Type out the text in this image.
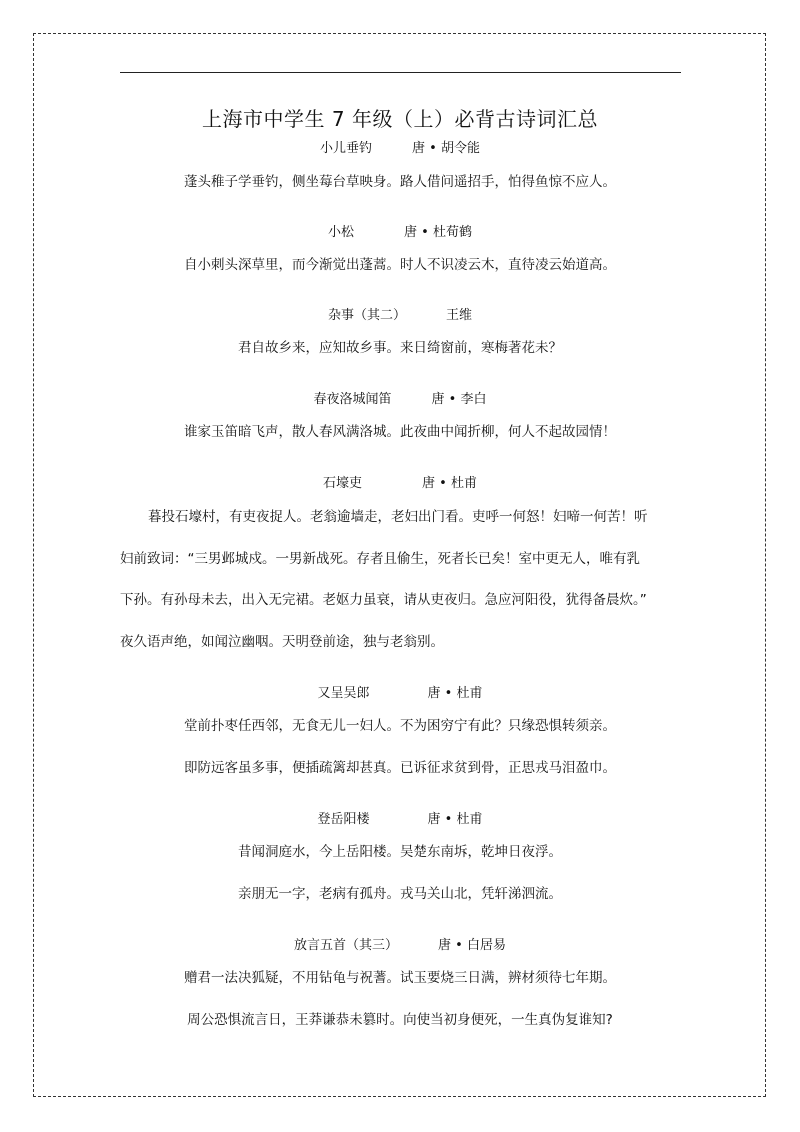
上海市中学生 7 年级（上）必背古诗词汇总
小儿垂钓	唐 • 胡令能
蓬头稚子学垂钓，侧坐莓台草映身。路人借问遥招手，怕得鱼惊不应人。
小松	唐 • 杜荀鹤
自小刺头深草里，而今渐觉出蓬蒿。时人不识凌云木，直待凌云始道高。
杂事（其二）	王维
君自故乡来，应知故乡事。来日绮窗前，寒梅著花未？
春夜洛城闻笛	唐 • 李白
谁家玉笛暗飞声，散人春风满洛城。此夜曲中闻折柳，何人不起故园情！
石壕吏	唐 • 杜甫
暮投石壕村，有吏夜捉人。老翁逾墙走，老妇出门看。吏呼一何怒！妇啼一何苦！听
妇前致词：“三男邺城戍。一男新战死。存者且偷生，死者长已矣！室中更无人，唯有乳
下孙。有孙母未去，出入无完裙。老妪力虽衰，请从吏夜归。急应河阳役，犹得备晨炊。”
夜久语声绝，如闻泣幽咽。天明登前途，独与老翁别。
又呈吴郎	唐 • 杜甫
堂前扑枣任西邻，无食无儿一妇人。不为困穷宁有此？只缘恐惧转须亲。
即防远客虽多事，便插疏篱却甚真。已诉征求贫到骨，正思戎马泪盈巾。
登岳阳楼	唐 • 杜甫
昔闻洞庭水，今上岳阳楼。吴楚东南坼，乾坤日夜浮。
亲朋无一字，老病有孤舟。戎马关山北，凭轩涕泗流。
放言五首（其三）	唐 • 白居易
赠君一法决狐疑，不用钻龟与祝蓍。试玉要烧三日满，辨材须待七年期。
周公恐惧流言日，王莽谦恭未篡时。向使当初身便死，一生真伪复谁知?
